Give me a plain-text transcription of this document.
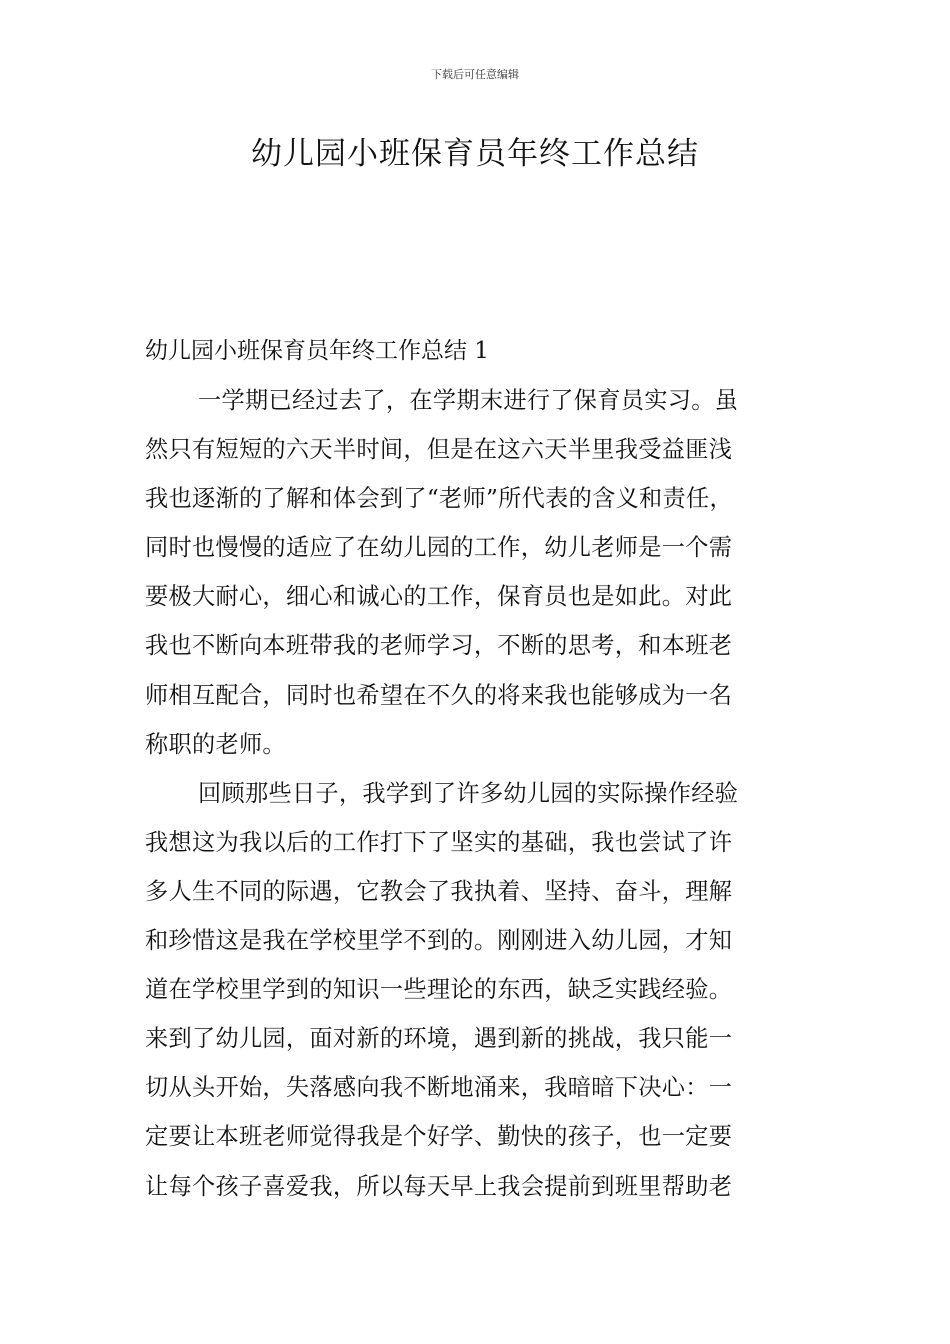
下载后可任意编辑
幼儿园小班保育员年终工作总结
幼儿园小班保育员年终工作总结 1
一学期已经过去了，在学期末进行了保育员实习。虽
然只有短短的六天半时间，但是在这六天半里我受益匪浅
我也逐渐的了解和体会到了“老师”所代表的含义和责任，
同时也慢慢的适应了在幼儿园的工作，幼儿老师是一个需
要极大耐心，细心和诚心的工作，保育员也是如此。对此
我也不断向本班带我的老师学习，不断的思考，和本班老
师相互配合，同时也希望在不久的将来我也能够成为一名
称职的老师。
回顾那些日子，我学到了许多幼儿园的实际操作经验
我想这为我以后的工作打下了坚实的基础，我也尝试了许
多人生不同的际遇，它教会了我执着、坚持、奋斗，理解
和珍惜这是我在学校里学不到的。刚刚进入幼儿园，才知
道在学校里学到的知识一些理论的东西，缺乏实践经验。
来到了幼儿园，面对新的环境，遇到新的挑战，我只能一
切从头开始，失落感向我不断地涌来，我暗暗下决心：一
定要让本班老师觉得我是个好学、勤快的孩子，也一定要
让每个孩子喜爱我，所以每天早上我会提前到班里帮助老
